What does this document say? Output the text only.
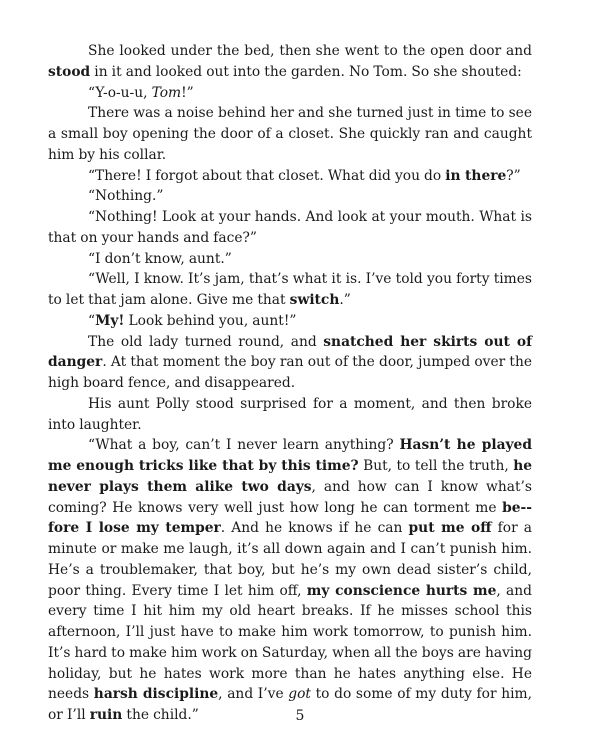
She looked under the bed, then she went to the open door and stood in it and looked out into the garden. No Tom. So she shouted:

“Y-o-u-u, Tom!”

There was a noise behind her and she turned just in time to see a small boy opening the door of a closet. She quickly ran and caught him by his collar.

“There! I forgot about that closet. What did you do in there?”

“Nothing.”

“Nothing! Look at your hands. And look at your mouth. What is that on your hands and face?”

“I don’t know, aunt.”

“Well, I know. It’s jam, that’s what it is. I’ve told you forty times to let that jam alone. Give me that switch.”

“My! Look behind you, aunt!”

The old lady turned round, and snatched her skirts out of danger. At that moment the boy ran out of the door, jumped over the high board fence, and disappeared.

His aunt Polly stood surprised for a moment, and then broke into laughter.

“What a boy, can’t I never learn anything? Hasn’t he played me enough tricks like that by this time? But, to tell the truth, he never plays them alike two days, and how can I know what’s coming? He knows very well just how long he can torment me be-fore I lose my temper. And he knows if he can put me off for a minute or make me laugh, it’s all down again and I can’t punish him. He’s a troublemaker, that boy, but he’s my own dead sister’s child, poor thing. Every time I let him off, my conscience hurts me, and every time I hit him my old heart breaks. If he misses school this afternoon, I’ll just have to make him work tomorrow, to punish him. It’s hard to make him work on Saturday, when all the boys are having holiday, but he hates work more than he hates anything else. He needs harsh discipline, and I’ve got to do some of my duty for him, or I’ll ruin the child.”	5
